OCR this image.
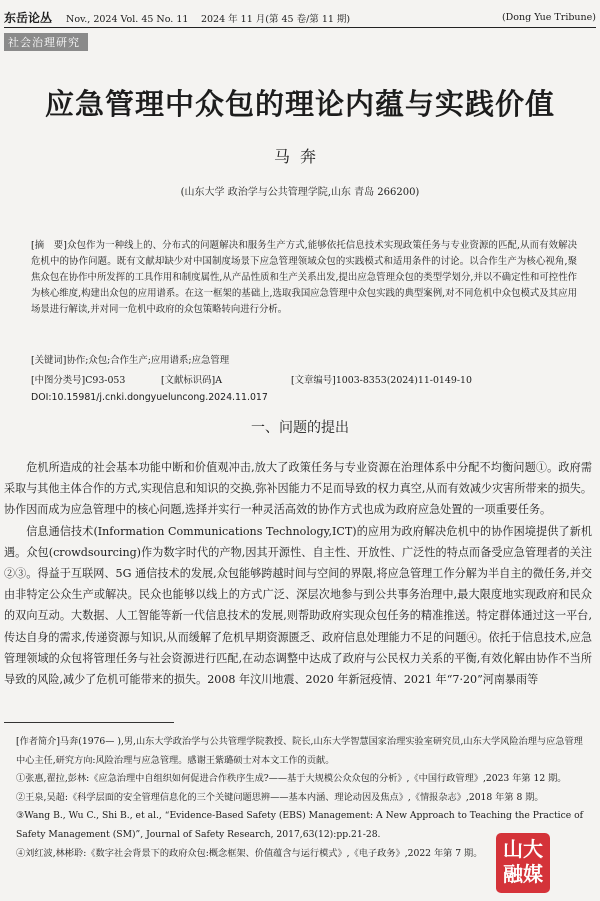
东岳论丛 Nov., 2024 Vol. 45 No. 11　 2024 年 11 月(第 45 卷/第 11 期)	(Dong Yue Tribune)
社会治理研究
应急管理中众包的理论内蕴与实践价值
马奔
(山东大学 政治学与公共管理学院,山东 青岛 266200)
[摘　要]众包作为一种线上的、分布式的问题解决和服务生产方式,能够依托信息技术实现政策任务与专业资源的匹配,从而有效解决危机中的协作问题。既有文献却缺少对中国制度场景下应急管理领域众包的实践模式和适用条件的讨论。以合作生产为核心视角,聚焦众包在协作中所发挥的工具作用和制度属性,从产品性质和生产关系出发,提出应急管理众包的类型学划分,并以不确定性和可控性作为核心维度,构建出众包的应用谱系。在这一框架的基础上,选取我国应急管理中众包实践的典型案例,对不同危机中众包模式及其应用场景进行解读,并对同一危机中政府的众包策略转向进行分析。
[关键词]协作;众包;合作生产;应用谱系;应急管理
[中图分类号]C93-053	[文献标识码]A	[文章编号]1003-8353(2024)11-0149-10
DOI:10.15981/j.cnki.dongyueluncong.2024.11.017
一、问题的提出

危机所造成的社会基本功能中断和价值观冲击,放大了政策任务与专业资源在治理体系中分配不均衡问题①。政府需采取与其他主体合作的方式,实现信息和知识的交换,弥补因能力不足而导致的权力真空,从而有效减少灾害所带来的损失。协作因而成为应急管理中的核心问题,选择并实行一种灵活高效的协作方式也成为政府应急处置的一项重要任务。

信息通信技术(Information Communications Technology,ICT)的应用为政府解决危机中的协作困境提供了新机遇。众包(crowdsourcing)作为数字时代的产物,因其开源性、自主性、开放性、广泛性的特点而备受应急管理者的关注②③。得益于互联网、5G 通信技术的发展,众包能够跨越时间与空间的界限,将应急管理工作分解为半自主的微任务,并交由非特定公众生产或解决。民众也能够以线上的方式广泛、深层次地参与到公共事务治理中,最大限度地实现政府和民众的双向互动。大数据、人工智能等新一代信息技术的发展,则帮助政府实现众包任务的精准推送。特定群体通过这一平台,传达自身的需求,传递资源与知识,从而缓解了危机早期资源匮乏、政府信息处理能力不足的问题④。依托于信息技术,应急管理领域的众包将管理任务与社会资源进行匹配,在动态调整中达成了政府与公民权力关系的平衡,有效化解由协作不当所导致的风险,减少了危机可能带来的损失。2008 年汶川地震、2020 年新冠疫情、2021 年“7·20”河南暴雨等

[作者简介]马奔(1976— ),男,山东大学政治学与公共管理学院教授、院长,山东大学智慧国家治理实验室研究员,山东大学风险治理与应急管理中心主任,研究方向:风险治理与应急管理。感谢王紫璐硕士对本文工作的贡献。
①张惠,翟拉,彭林:《应急治理中自组织如何促进合作秩序生成?——基于大规模公众众包的分析》,《中国行政管理》,2023 年第 12 期。
②王泉,吴超:《科学层面的安全管理信息化的三个关键问题思辨——基本内涵、理论动因及焦点》,《情报杂志》,2018 年第 8 期。
③Wang B., Wu C., Shi B., et al., “Evidence-Based Safety (EBS) Management: A New Approach to Teaching the Practice of Safety Management (SM)”, Journal of Safety Research, 2017,63(12):pp.21-28.
④刘红波,林彬聆:《数字社会背景下的政府众包:概念框架、价值蕴含与运行模式》,《电子政务》,2022 年第 7 期。	山大
融媒
